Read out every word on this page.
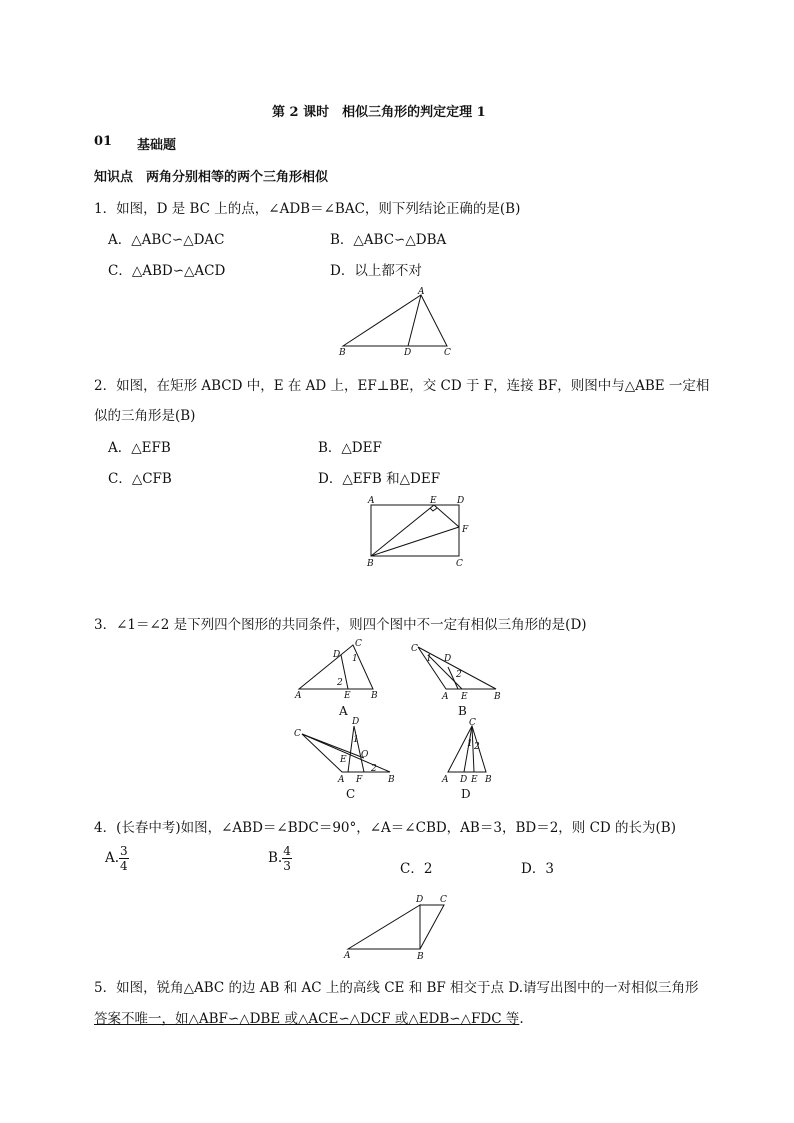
第 2 课时　相似三角形的判定定理 1
01 基础题
知识点　两角分别相等的两个三角形相似
1．如图，D 是 BC 上的点，∠ADB＝∠BAC，则下列结论正确的是(B)
A．△ABC∽△DAC	B．△ABC∽△DBA
C．△ABD∽△ACD	D．以上都不对
A
B	D	C
2．如图，在矩形 ABCD 中，E 在 AD 上，EF⊥BE，交 CD 于 F，连接 BF，则图中与△ABE 一定相
似的三角形是(B)
A．△EFB	B．△DEF
C．△CFB	D．△EFB 和△DEF
A	E D
F
B	C
3．∠1＝∠2 是下列四个图形的共同条件，则四个图中不一定有相似三角形的是(D)
C
D 1
2
A	E B
A
C
1 D
2
A E	B
B
D
C
1
O
E
2
A F	B
C
C
1 2
A D E B
D
4．(长春中考)如图，∠ABD＝∠BDC＝90°，∠A＝∠CBD，AB＝3，BD＝2，则 CD 的长为(B)
A. $\frac{3}{4}$	B. $\frac{4}{3}$	C．2	D．3
A	B
D C
5．如图，锐角△ABC 的边 AB 和 AC 上的高线 CE 和 BF 相交于点 D.请写出图中的一对相似三角形
答案不唯一，如△ABF∽△DBE 或△ACE∽△DCF 或△EDB∽△FDC 等.
